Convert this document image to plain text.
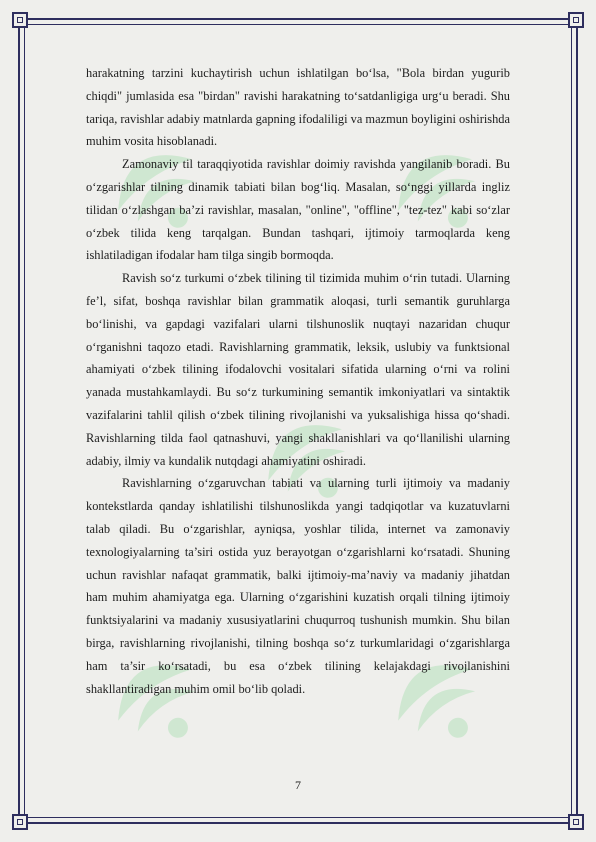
harakatning tarzini kuchaytirish uchun ishlatilgan bo‘lsa, "Bola birdan yugurib chiqdi" jumlasida esa "birdan" ravishi harakatning to‘satdanligiga urg‘u beradi. Shu tariqa, ravishlar adabiy matnlarda gapning ifodaliligi va mazmun boyligini oshirishda muhim vosita hisoblanadi.

Zamonaviy til taraqqiyotida ravishlar doimiy ravishda yangilanib boradi. Bu o‘zgarishlar tilning dinamik tabiati bilan bog‘liq. Masalan, so‘nggi yillarda ingliz tilidan o‘zlashgan ba’zi ravishlar, masalan, "online", "offline", "tez-tez" kabi so‘zlar o‘zbek tilida keng tarqalgan. Bundan tashqari, ijtimoiy tarmoqlarda keng ishlatiladigan ifodalar ham tilga singib bormoqda.

Ravish so‘z turkumi o‘zbek tilining til tizimida muhim o‘rin tutadi. Ularning fe’l, sifat, boshqa ravishlar bilan grammatik aloqasi, turli semantik guruhlarga bo‘linishi, va gapdagi vazifalari ularni tilshunoslik nuqtayi nazaridan chuqur o‘rganishni taqozo etadi. Ravishlarning grammatik, leksik, uslubiy va funktsional ahamiyati o‘zbek tilining ifodalovchi vositalari sifatida ularning o‘rni va rolini yanada mustahkamlaydi. Bu so‘z turkumining semantik imkoniyatlari va sintaktik vazifalarini tahlil qilish o‘zbek tilining rivojlanishi va yuksalishiga hissa qo‘shadi. Ravishlarning tilda faol qatnashuvi, yangi shakllanishlari va qo‘llanilishi ularning adabiy, ilmiy va kundalik nutqdagi ahamiyatini oshiradi.

Ravishlarning o‘zgaruvchan tabiati va ularning turli ijtimoiy va madaniy kontekstlarda qanday ishlatilishi tilshunoslikda yangi tadqiqotlar va kuzatuvlarni talab qiladi. Bu o‘zgarishlar, ayniqsa, yoshlar tilida, internet va zamonaviy texnologiyalarning ta’siri ostida yuz berayotgan o‘zgarishlarni ko‘rsatadi. Shuning uchun ravishlar nafaqat grammatik, balki ijtimoiy-ma’naviy va madaniy jihatdan ham muhim ahamiyatga ega. Ularning o‘zgarishini kuzatish orqali tilning ijtimoiy funktsiyalarini va madaniy xususiyatlarini chuqurroq tushunish mumkin. Shu bilan birga, ravishlarning rivojlanishi, tilning boshqa so‘z turkumlaridagi o‘zgarishlarga ham ta’sir ko‘rsatadi, bu esa o‘zbek tilining kelajakdagi rivojlanishini shakllantiradigan muhim omil bo‘lib qoladi.

7
